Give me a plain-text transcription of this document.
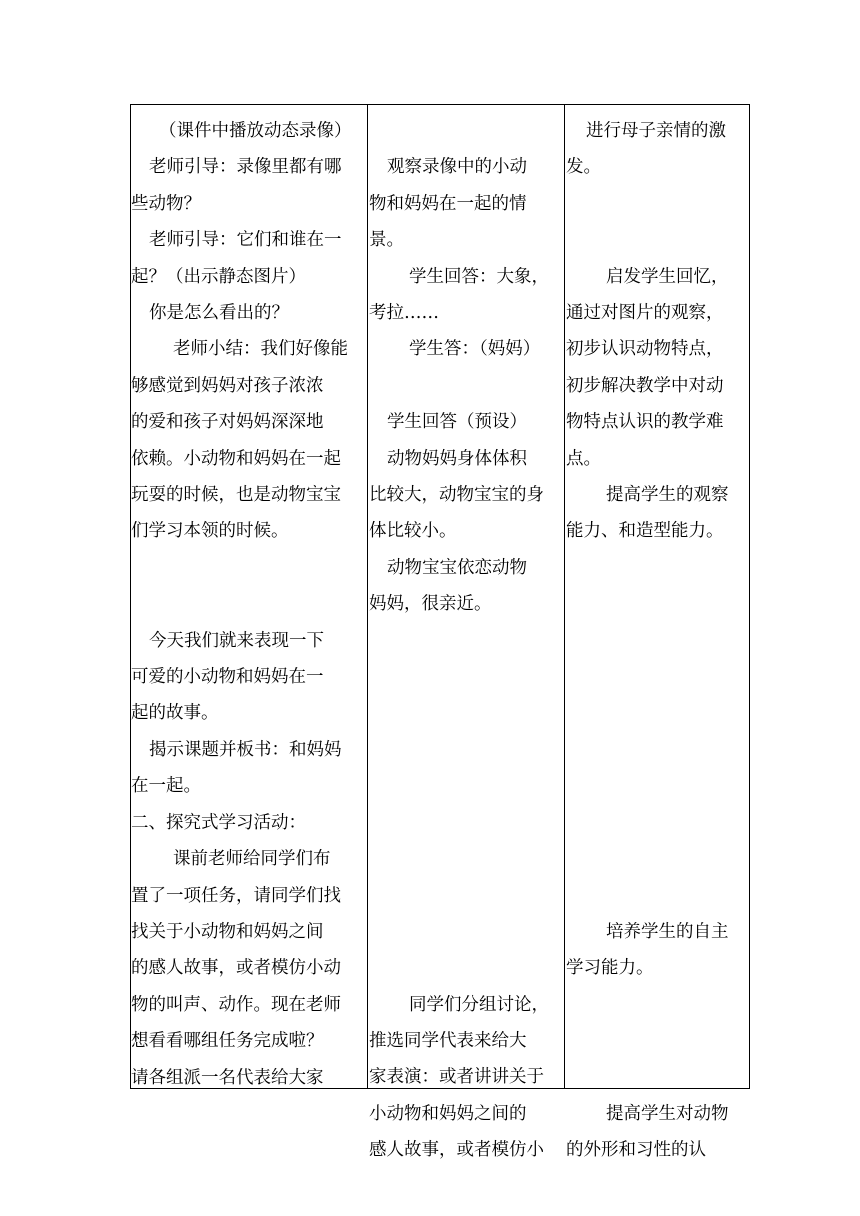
（课件中播放动态录像）

老师引导：录像里都有哪

些动物？

老师引导：它们和谁在一

起？（出示静态图片）

你是怎么看出的？

老师小结：我们好像能

够感觉到妈妈对孩子浓浓

的爱和孩子对妈妈深深地

依赖。小动物和妈妈在一起

玩耍的时候，也是动物宝宝

们学习本领的时候。

今天我们就来表现一下

可爱的小动物和妈妈在一

起的故事。

揭示课题并板书：和妈妈

在一起。

二、探究式学习活动：

课前老师给同学们布

置了一项任务，请同学们找

找关于小动物和妈妈之间

的感人故事，或者模仿小动

物的叫声、动作。现在老师

想看看哪组任务完成啦？

请各组派一名代表给大家

观察录像中的小动

物和妈妈在一起的情

景。

学生回答：大象，

考拉……

学生答：（妈妈）

学生回答（预设）

动物妈妈身体体积

比较大，动物宝宝的身

体比较小。

动物宝宝依恋动物

妈妈，很亲近。

同学们分组讨论，

推选同学代表来给大

家表演：或者讲讲关于

小动物和妈妈之间的

感人故事，或者模仿小

进行母子亲情的激

发。

启发学生回忆，

通过对图片的观察，

初步认识动物特点，

初步解决教学中对动

物特点认识的教学难

点。

提高学生的观察

能力、和造型能力。

培养学生的自主

学习能力。

提高学生对动物

的外形和习性的认
